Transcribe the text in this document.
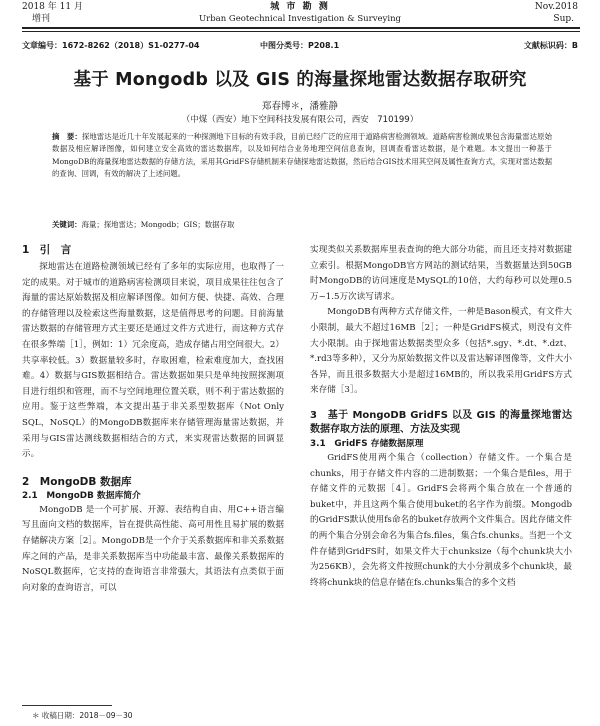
2018 年 11 月
增刊
城 市 勘 测
Urban Geotechnical Investigation & Surveying
Nov.2018
Sup.
文章编号：1672-8262（2018）S1-0277-04	中图分类号：P208.1	文献标识码：B
基于 Mongodb 以及 GIS 的海量探地雷达数据存取研究
郑春博＊，潘雅静
（中煤（西安）地下空间科技发展有限公司，西安　710199）
摘　要：探地雷达是近几十年发展起来的一种探测地下目标的有效手段，目前已经广泛的应用于道路病害检测领域。道路病害检测成果包含海量雷达原始数据及相应解译图像，如何建立安全高效的雷达数据库，以及如何结合业务地理空间信息查询，回调查看雷达数据，是个难题。本文提出一种基于MongoDB的海量探地雷达数据的存储方法，采用其GridFS存储机制来存储探地雷达数据，然后结合GIS技术用其空间及属性查询方式，实现对雷达数据的查询、回调，有效的解决了上述问题。
关键词：海量；探地雷达；Mongodb；GIS；数据存取
1　引　言

探地雷达在道路检测领域已经有了多年的实际应用，也取得了一定的成果。对于城市的道路病害检测项目来说，项目成果往往包含了海量的雷达原始数据及相应解译图像。如何方便、快捷、高效、合理的存储管理以及检索这些海量数据，这是值得思考的问题。目前海量雷达数据的存储管理方式主要还是通过文件方式进行，而这种方式存在很多弊端［1］，例如：1）冗余度高，造成存储占用空间很大。2）共享率较低。3）数据量较多时，存取困难，检索难度加大，查找困难。4）数据与GIS数据相结合。雷达数据如果只是单纯按照探测项目进行组织和管理，而不与空间地理位置关联，则不利于雷达数据的应用。鉴于这些弊端，本文提出基于非关系型数据库（Not Only SQL，NoSQL）的MongoDB数据库来存储管理海量雷达数据，并采用与GIS雷达测线数据相结合的方式，来实现雷达数据的回调显示。

2　MongoDB 数据库
2.1　MongoDB 数据库简介

MongoDB 是一个可扩展、开源、表结构自由、用C++语言编写且面向文档的数据库，旨在提供高性能、高可用性且易扩展的数据存储解决方案［2］。MongoDB是一个介于关系数据库和非关系数据库之间的产品，是非关系数据库当中功能最丰富、最像关系数据库的NoSQL数据库，它支持的查询语言非常强大，其语法有点类似于面向对象的查询语言，可以

＊ 收稿日期：2018－09－30

实现类似关系数据库里表查询的绝大部分功能，而且还支持对数据建立索引。根据MongoDB官方网站的测试结果，当数据量达到50GB时MongoDB的访问速度是MySQL的10倍，大约每秒可以处理0.5万~1.5万次读写请求。

MongoDB有两种方式存储文件，一种是Bason模式，有文件大小限制，最大不超过16MB［2］；一种是GridFS模式，则没有文件大小限制。由于探地雷达数据类型众多（包括*.sgy、*.dt、*.dzt、*.rd3等多种），又分为原始数据文件以及雷达解译图像等，文件大小各异，而且很多数据大小是超过16MB的，所以我采用GridFS方式来存储［3］。

3　基于 MongoDB GridFS 以及 GIS 的海量探地雷达数据存取方法的原理、方法及实现
3.1　GridFS 存储数据原理

GridFS使用两个集合（collection）存储文件。一个集合是chunks，用于存储文件内容的二进制数据；一个集合是files，用于存储文件的元数据［4］。GridFS会将两个集合放在一个普通的buket中，并且这两个集合使用buket的名字作为前缀。Mongodb的GridFS默认使用fs命名的buket存放两个文件集合。因此存储文件的两个集合分别会命名为集合fs.files，集合fs.chunks。当把一个文件存储到GridFS时，如果文件大于chunksize（每个chunk块大小为256KB），会先将文件按照chunk的大小分割成多个chunk块，最终将chunk块的信息存储在fs.chunks集合的多个文档
